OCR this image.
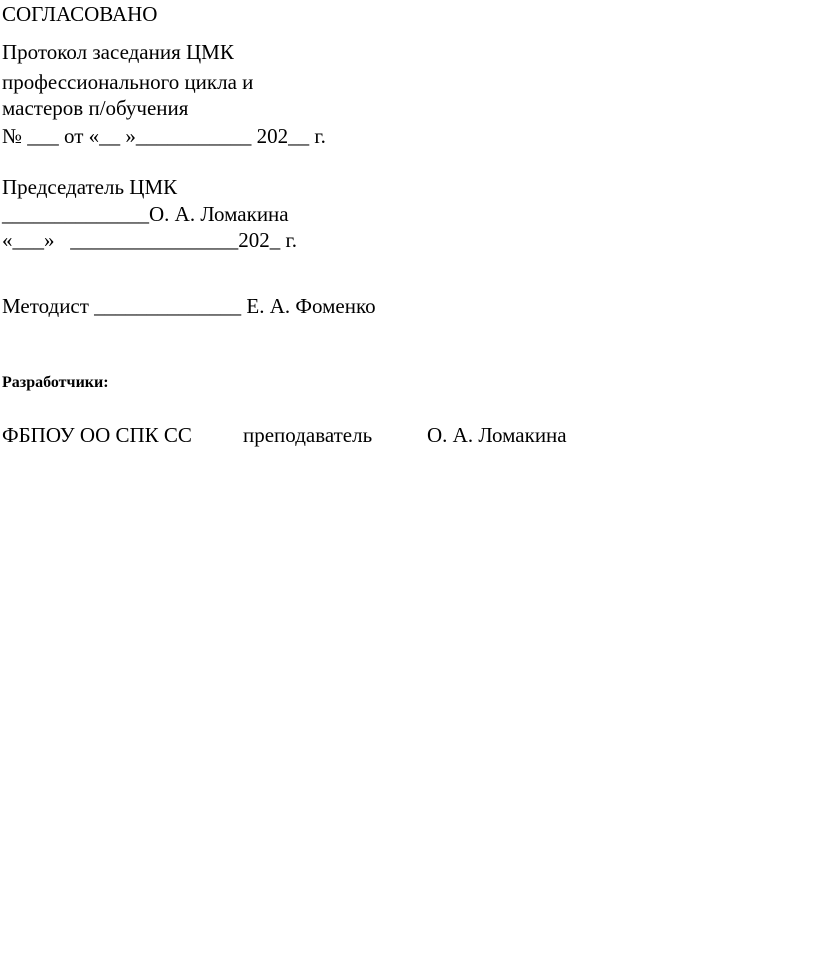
СОГЛАСОВАНО
Протокол заседания ЦМК
профессионального цикла и
мастеров п/обучения
№ ___ от «__ »___________ 202__ г.
Председатель ЦМК
______________О. А. Ломакина
«___»   ________________202_ г.
Методист ______________ Е. А. Фоменко
Разработчики:
ФБПОУ ОО СПК СС преподаватель	О. А. Ломакина
